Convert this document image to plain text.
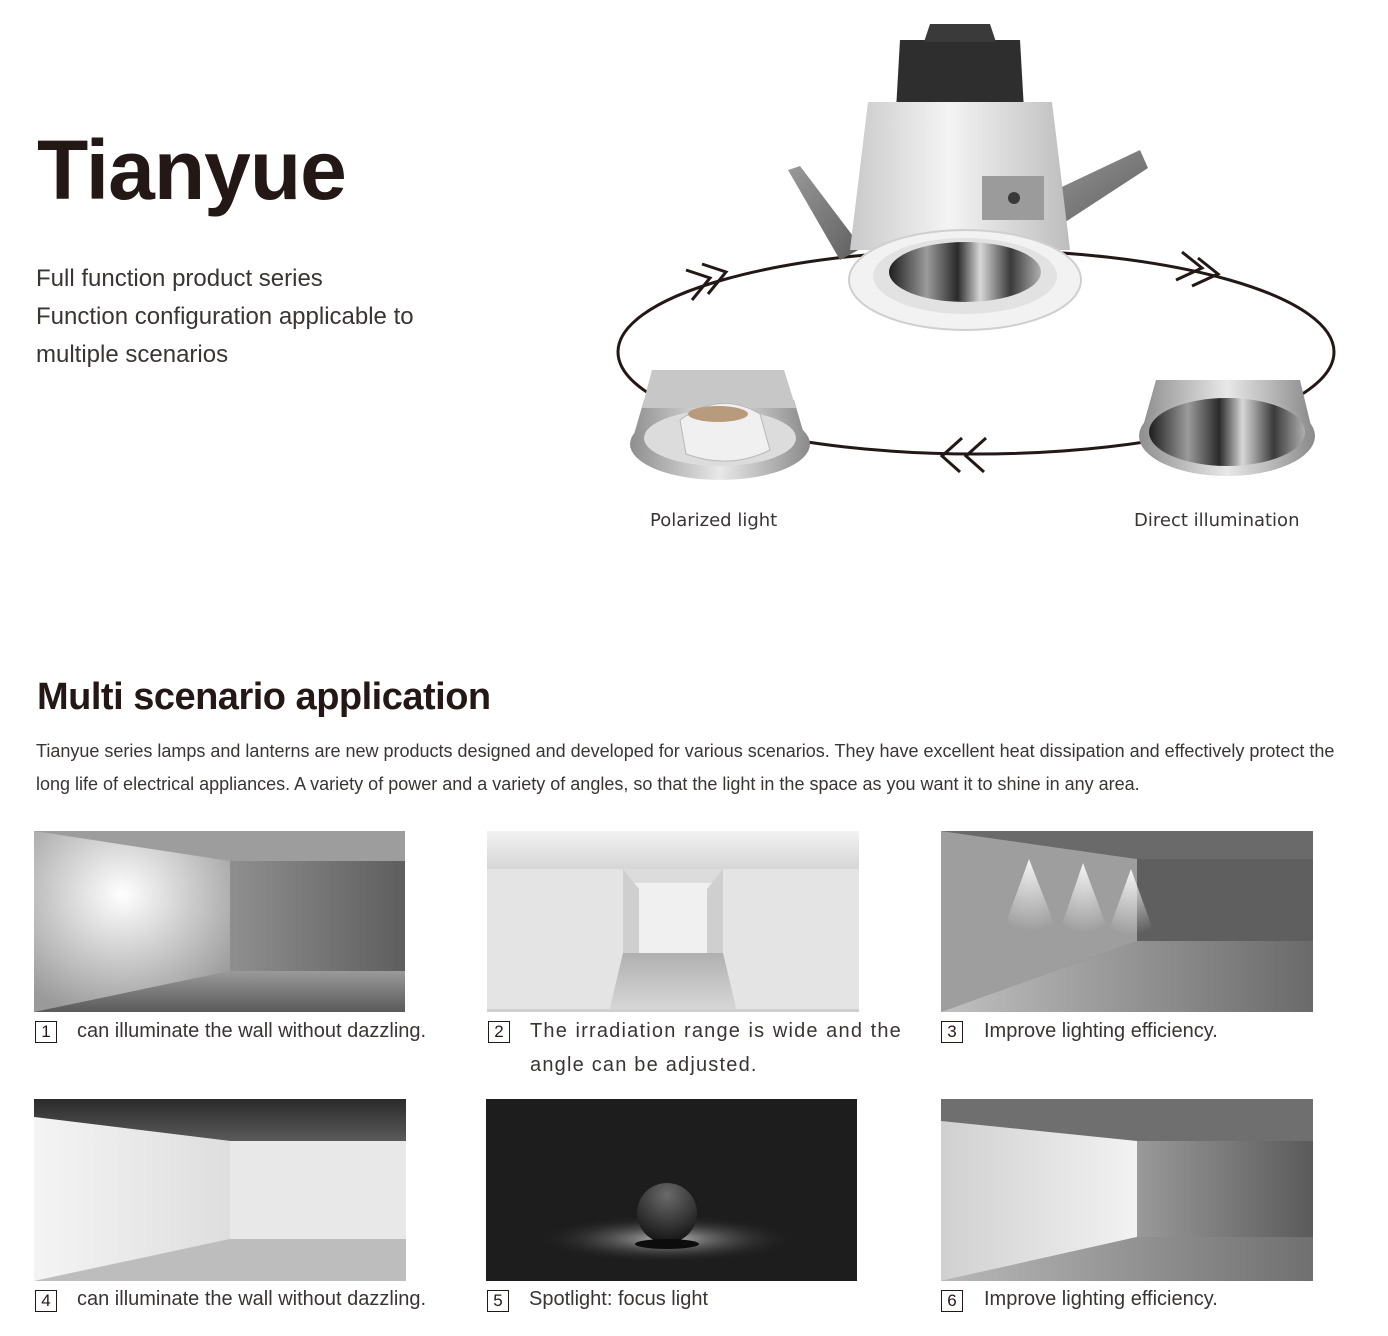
Tianyue
Full function product series
Function configuration applicable to
multiple scenarios
Polarized light	Direct illumination
Multi scenario application

Tianyue series lamps and lanterns are new products designed and developed for various scenarios. They have excellent heat dissipation and effectively protect the long life of electrical appliances. A variety of power and a variety of angles, so that the light in the space as you want it to shine in any area.

1	can illuminate the wall without dazzling.	2	The irradiation range is wide and the angle can be adjusted.
3	Improve lighting efficiency.
4	can illuminate the wall without dazzling.	5	Spotlight: focus light	6	Improve lighting efficiency.
